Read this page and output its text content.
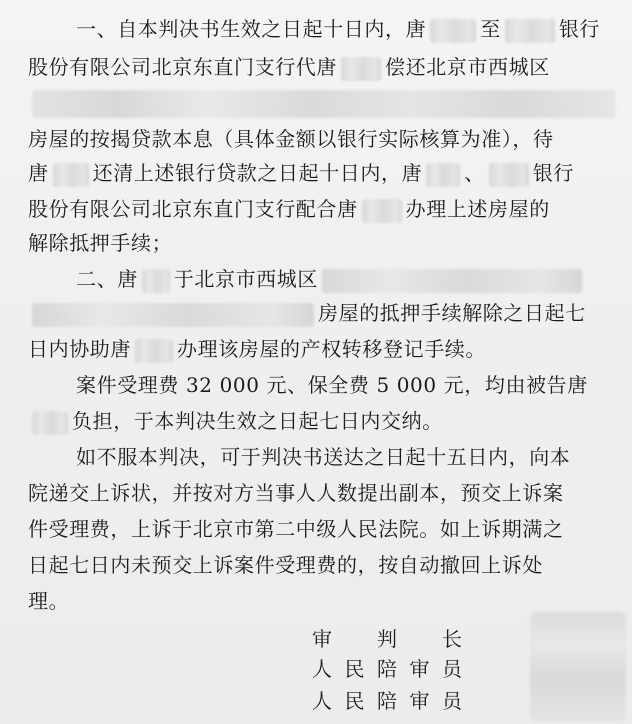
一、自本判决书生效之日起十日内，唐	至	银行
股份有限公司北京东直门支行代唐 偿还北京市西城区
房屋的按揭贷款本息（具体金额以银行实际核算为准），待
唐 还清上述银行贷款之日起十日内，唐 、 银行
股份有限公司北京东直门支行配合唐 办理上述房屋的
解除抵押手续；
二、唐 于北京市西城区
房屋的抵押手续解除之日起七
日内协助唐 办理该房屋的产权转移登记手续。
案件受理费 32 000 元、保全费 5 000 元，均由被告唐
负担，于本判决生效之日起七日内交纳。
如不服本判决，可于判决书送达之日起十五日内，向本
院递交上诉状，并按对方当事人人数提出副本，预交上诉案
件受理费，上诉于北京市第二中级人民法院。如上诉期满之
日起七日内未预交上诉案件受理费的，按自动撤回上诉处
理。
审 判 长
人 民 陪 审 员
人 民 陪 审 员
